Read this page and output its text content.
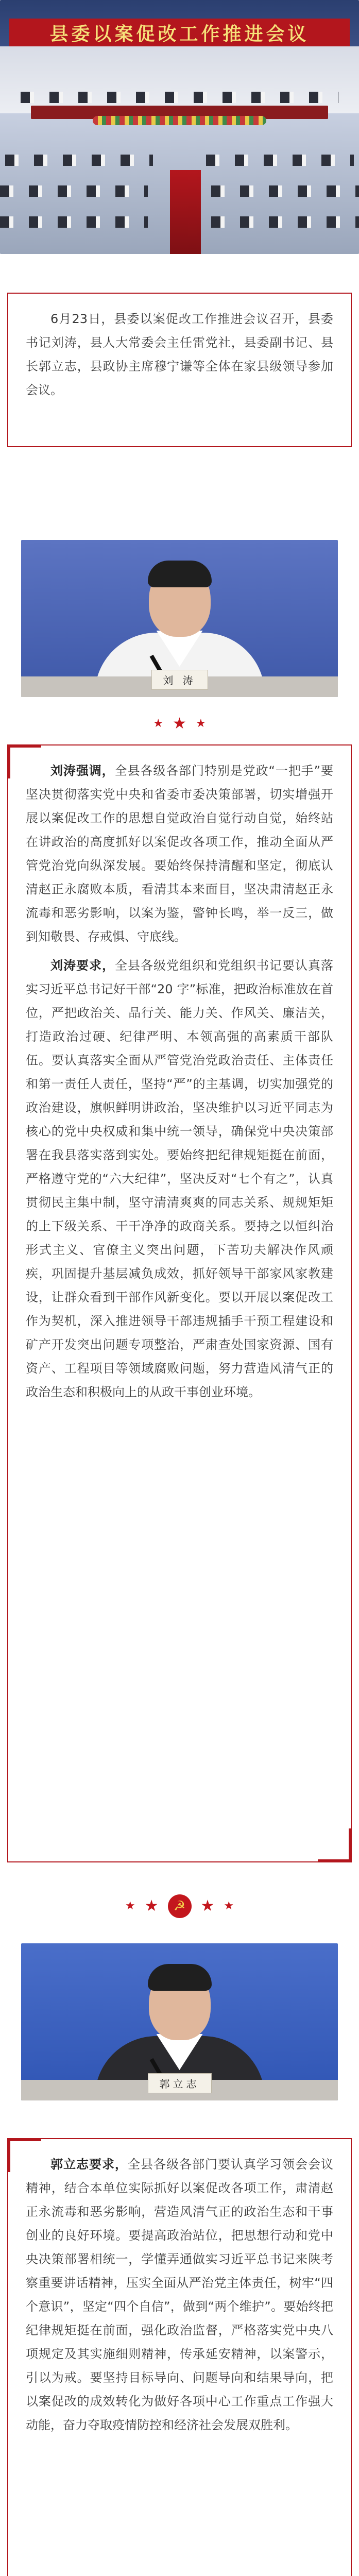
县委以案促改工作推进会议

6月23日，县委以案促改工作推进会议召开，县委书记刘涛，县人大常委会主任雷党社，县委副书记、县长郭立志，县政协主席穆宁谦等全体在家县级领导参加会议。

刘 涛
★ ★ ★

刘涛强调，全县各级各部门特别是党政“一把手”要坚决贯彻落实党中央和省委市委决策部署，切实增强开展以案促改工作的思想自觉政治自觉行动自觉，始终站在讲政治的高度抓好以案促改各项工作，推动全面从严管党治党向纵深发展。要始终保持清醒和坚定，彻底认清赵正永腐败本质，看清其本来面目，坚决肃清赵正永流毒和恶劣影响，以案为鉴，警钟长鸣，举一反三，做到知敬畏、存戒惧、守底线。

刘涛要求，全县各级党组织和党组织书记要认真落实习近平总书记好干部“20 字”标准，把政治标准放在首位，严把政治关、品行关、能力关、作风关、廉洁关，打造政治过硬、纪律严明、本领高强的高素质干部队伍。要认真落实全面从严管党治党政治责任、主体责任和第一责任人责任，坚持“严”的主基调，切实加强党的政治建设，旗帜鲜明讲政治，坚决维护以习近平同志为核心的党中央权威和集中统一领导，确保党中央决策部署在我县落实落到实处。要始终把纪律规矩挺在前面，严格遵守党的“六大纪律”，坚决反对“七个有之”，认真贯彻民主集中制，坚守清清爽爽的同志关系、规规矩矩的上下级关系、干干净净的政商关系。要持之以恒纠治形式主义、官僚主义突出问题，下苦功夫解决作风顽疾，巩固提升基层减负成效，抓好领导干部家风家教建设，让群众看到干部作风新变化。要以开展以案促改工作为契机，深入推进领导干部违规插手干预工程建设和矿产开发突出问题专项整治，严肃查处国家资源、国有资产、工程项目等领域腐败问题，努力营造风清气正的政治生态和积极向上的从政干事创业环境。

★ ★	☭ ★ ★
郭立志

郭立志要求，全县各级各部门要认真学习领会会议精神，结合本单位实际抓好以案促改各项工作，肃清赵正永流毒和恶劣影响，营造风清气正的政治生态和干事创业的良好环境。要提高政治站位，把思想行动和党中央决策部署相统一，学懂弄通做实习近平总书记来陕考察重要讲话精神，压实全面从严治党主体责任，树牢“四个意识”，坚定“四个自信”，做到“两个维护”。要始终把纪律规矩挺在前面，强化政治监督，严格落实党中央八项规定及其实施细则精神，传承延安精神，以案警示，引以为戒。要坚持目标导向、问题导向和结果导向，把以案促改的成效转化为做好各项中心工作重点工作强大动能，奋力夺取疫情防控和经济社会发展双胜利。
